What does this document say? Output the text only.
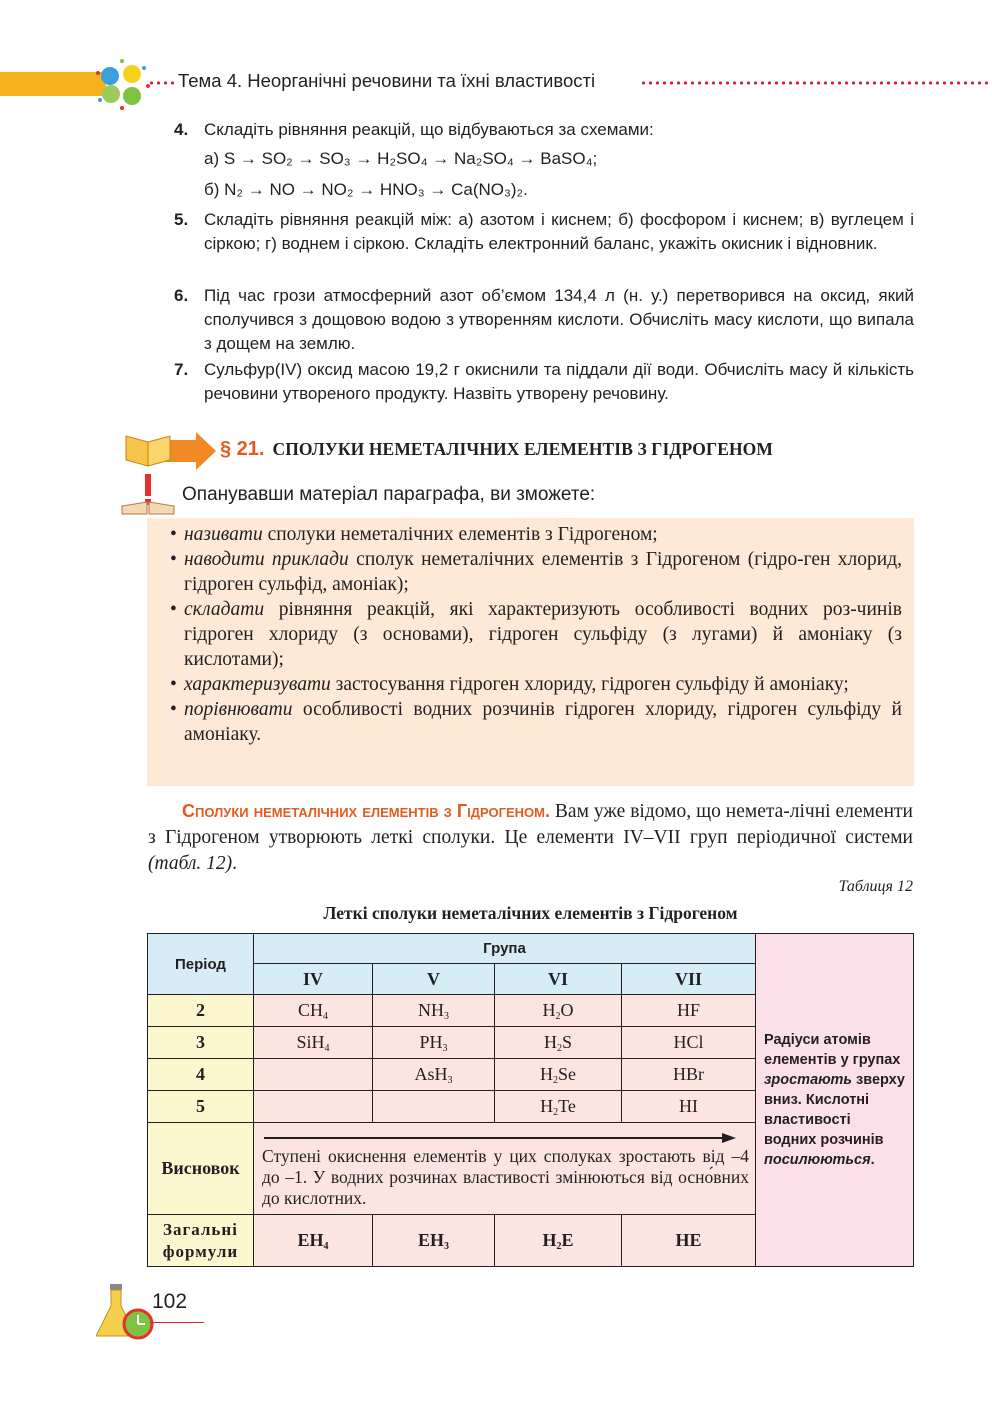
Тема 4. Неорганічні речовини та їхні властивості
4. Складіть рівняння реакцій, що відбуваються за схемами:
а) S → SO₂ → SO₃ → H₂SO₄ → Na₂SO₄ → BaSO₄;
б) N₂ → NO → NO₂ → HNO₃ → Ca(NO₃)₂.
5. Складіть рівняння реакцій між: а) азотом і киснем; б) фосфором і киснем; в) вуглецем і сіркою; г) воднем і сіркою. Складіть електронний баланс, укажіть окисник і відновник.
6. Під час грози атмосферний азот об’ємом 134,4 л (н. у.) перетворився на оксид, який сполучився з дощовою водою з утворенням кислоти. Обчисліть масу кислоти, що випала з дощем на землю.
7. Сульфур(IV) оксид масою 19,2 г окиснили та піддали дії води. Обчисліть масу й кількість речовини утвореного продукту. Назвіть утворену речовину.
§ 21. СПОЛУКИ НЕМЕТАЛІЧНИХ ЕЛЕМЕНТІВ З ГІДРОГЕНОМ
Опанувавши матеріал параграфа, ви зможете:
• називати сполуки неметалічних елементів з Гідрогеном;
• наводити приклади сполук неметалічних елементів з Гідрогеном (гідро-ген хлорид, гідроген сульфід, амоніак);
• складати рівняння реакцій, які характеризують особливості водних роз-чинів гідроген хлориду (з основами), гідроген сульфіду (з лугами) й амоніаку (з кислотами);
• характеризувати застосування гідроген хлориду, гідроген сульфіду й амоніаку;
• порівнювати особливості водних розчинів гідроген хлориду, гідроген сульфіду й амоніаку.
Сполуки неметалічних елементів з Гідрогеном. Вам уже відомо, що немета-лічні елементи з Гідрогеном утворюють леткі сполуки. Це елементи IV–VII груп періодичної системи (табл. 12).
Таблиця 12
Леткі сполуки неметалічних елементів з Гідрогеном
Період	Група				Радіуси атомів елементів у групах зростають зверху вниз. Кислотні властивості водних розчинів посилюються.
	IV	V	VI	VII	
2	$CH_4$	$NH_3$	$H_2O$	HF	
3	SiH$_4$	$PH_3$	$H_2S$	HCl	
4		AsH$_3$	$H_2Se$	HBr	
5			$H_2Te$	HI	
Висновок	Ступені окиснення елементів у цих сполуках зростають від –4 до –1. У водних розчинах властивості змінюються від осно́вних до кислотних.				

Загальні формули	$EH_4$	$EH_3$	$H_2E$	HE	
102
